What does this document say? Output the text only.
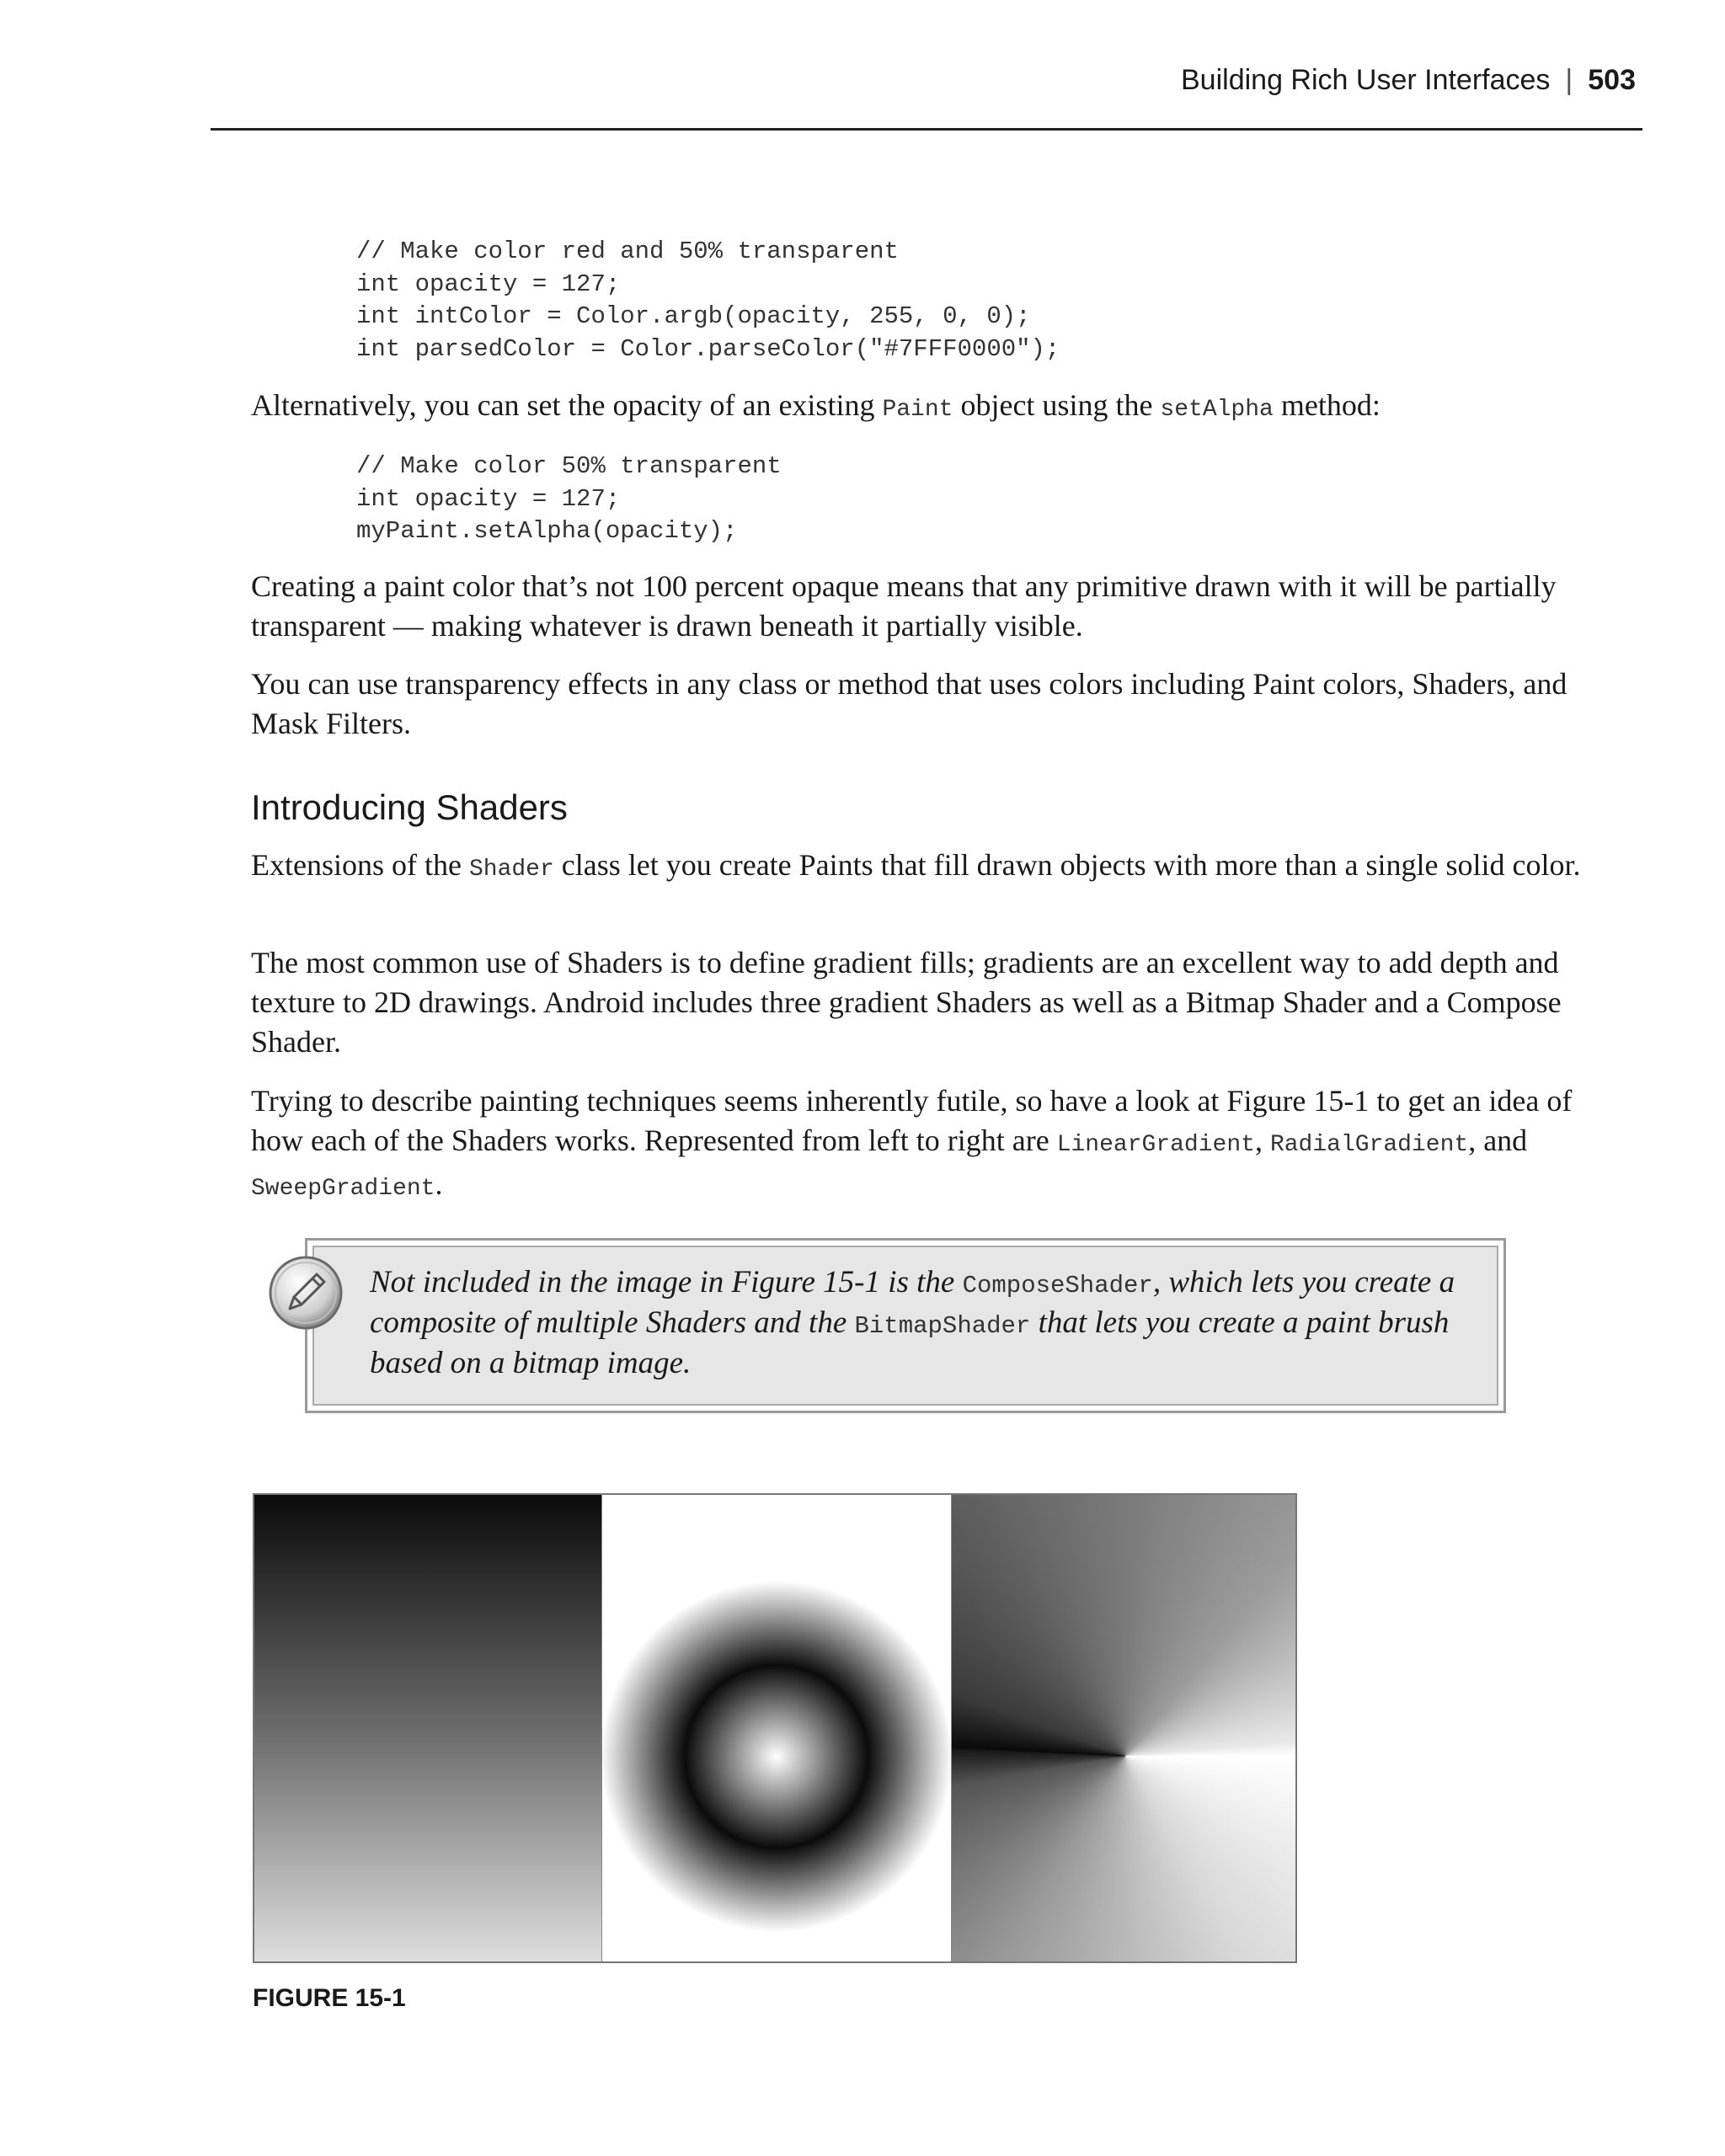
Building Rich User Interfaces | 503
// Make color red and 50% transparent
int opacity = 127;
int intColor = Color.argb(opacity, 255, 0, 0);
int parsedColor = Color.parseColor("#7FFF0000");

Alternatively, you can set the opacity of an existing Paint object using the setAlpha method:

// Make color 50% transparent
int opacity = 127;
myPaint.setAlpha(opacity);

Creating a paint color that’s not 100 percent opaque means that any primitive drawn with it will be partially transparent — making whatever is drawn beneath it partially visible.

You can use transparency effects in any class or method that uses colors including Paint colors, Shaders, and Mask Filters.

Introducing Shaders

Extensions of the Shader class let you create Paints that fill drawn objects with more than a single solid color.

The most common use of Shaders is to define gradient fills; gradients are an excellent way to add depth and texture to 2D drawings. Android includes three gradient Shaders as well as a Bitmap Shader and a Compose Shader.

Trying to describe painting techniques seems inherently futile, so have a look at Figure 15-1 to get an idea of how each of the Shaders works. Represented from left to right are LinearGradient, RadialGradient, and SweepGradient.

Not included in the image in Figure 15-1 is the ComposeShader, which lets you create a composite of multiple Shaders and the BitmapShader that lets you create a paint brush based on a bitmap image.

FIGURE 15-1
